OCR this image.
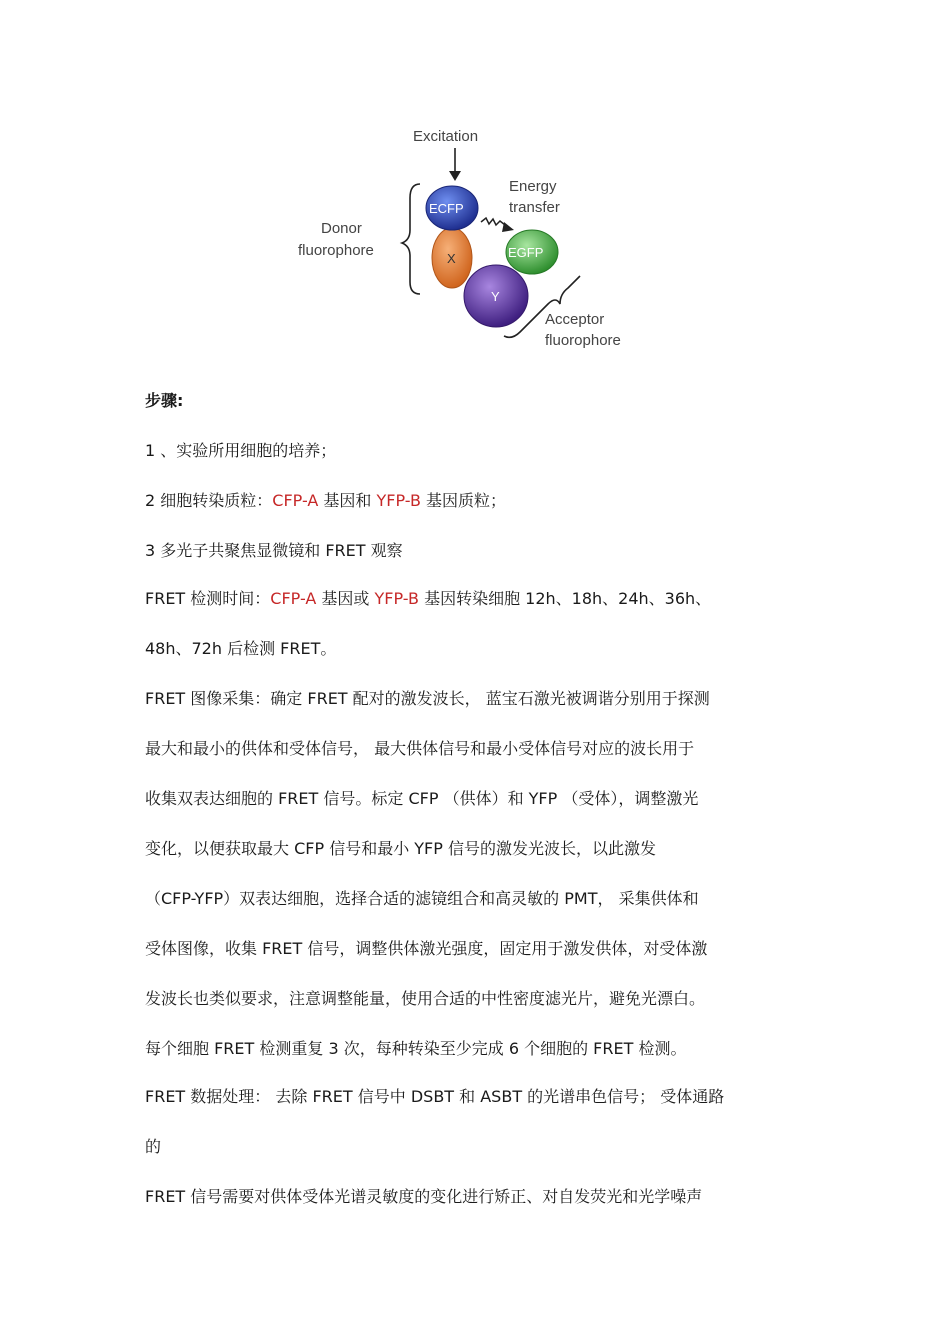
Excitation
Energy
transfer
Donor
fluorophore	X
ECFP
EGFP
Y
Acceptor
fluorophore
步骤:
1 、实验所用细胞的培养；
2 细胞转染质粒：CFP-A 基因和 YFP-B 基因质粒；
3 多光子共聚焦显微镜和 FRET 观察
FRET 检测时间：CFP-A 基因或 YFP-B 基因转染细胞 12h、18h、24h、36h、
48h、72h 后检测 FRET。
FRET 图像采集：确定 FRET 配对的激发波长， 蓝宝石激光被调谐分别用于探测
最大和最小的供体和受体信号， 最大供体信号和最小受体信号对应的波长用于
收集双表达细胞的 FRET 信号。标定 CFP （供体）和 YFP （受体），调整激光
变化，以便获取最大 CFP 信号和最小 YFP 信号的激发光波长，以此激发
（CFP-YFP）双表达细胞，选择合适的滤镜组合和高灵敏的 PMT， 采集供体和
受体图像，收集 FRET 信号，调整供体激光强度，固定用于激发供体，对受体激
发波长也类似要求，注意调整能量，使用合适的中性密度滤光片，避免光漂白。
每个细胞 FRET 检测重复 3 次，每种转染至少完成 6 个细胞的 FRET 检测。
FRET 数据处理： 去除 FRET 信号中 DSBT 和 ASBT 的光谱串色信号； 受体通路
的
FRET 信号需要对供体受体光谱灵敏度的变化进行矫正、对自发荧光和光学噪声
